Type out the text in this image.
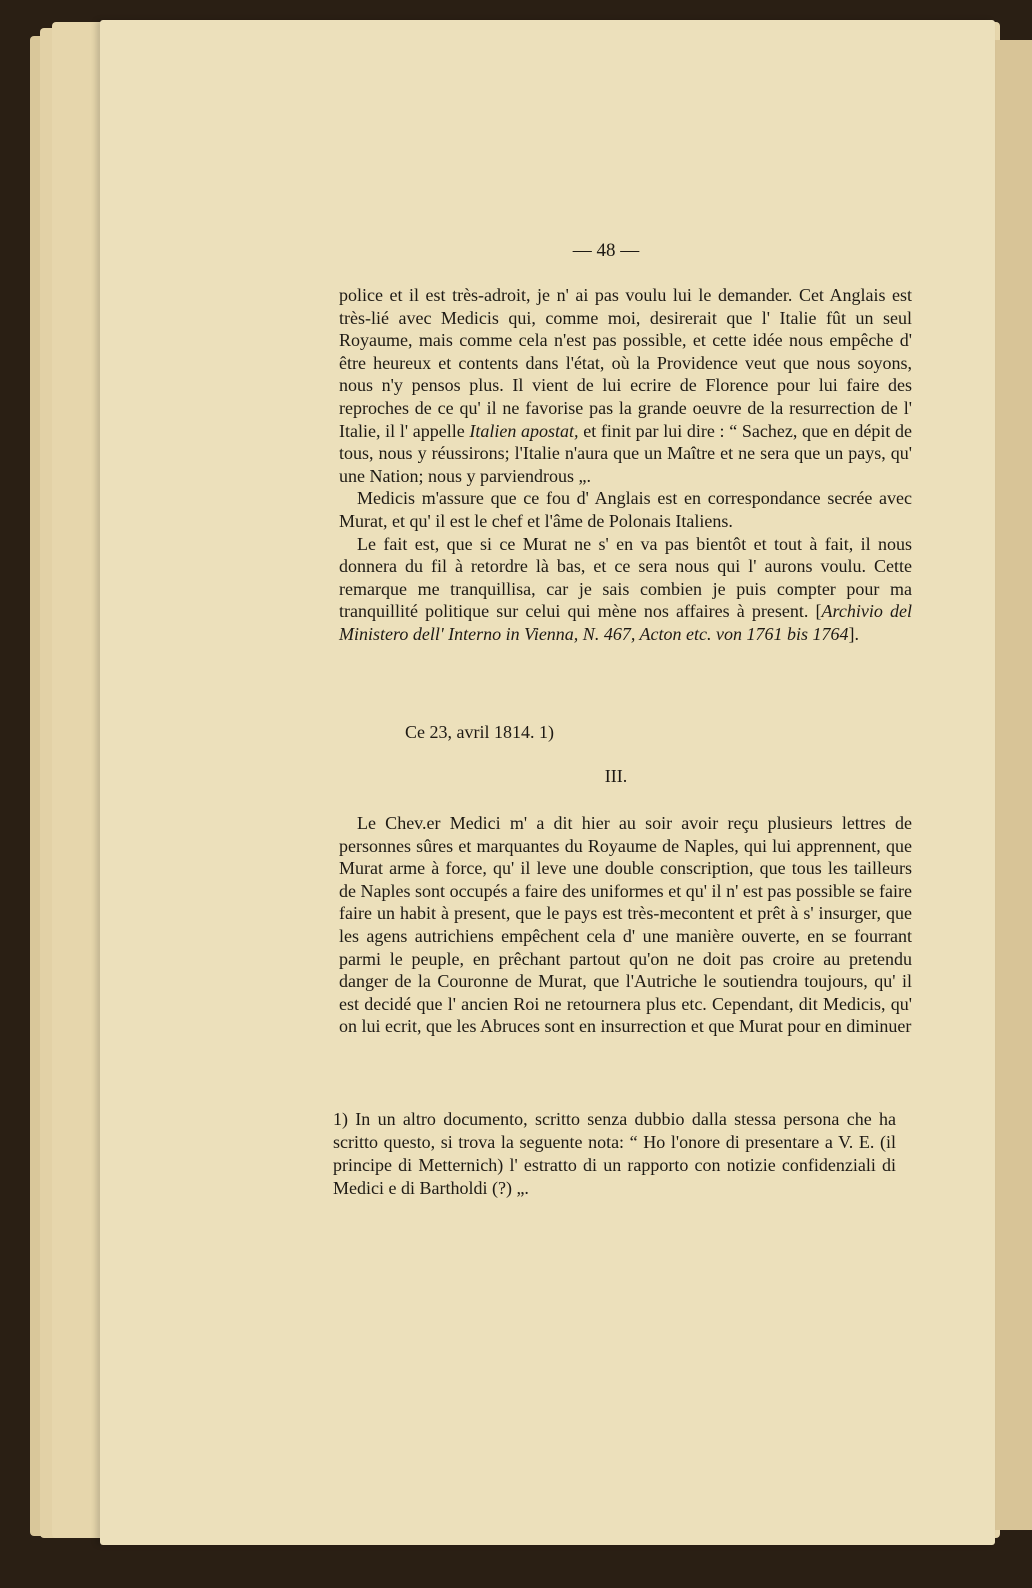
— 48 —

police et il est très-adroit, je n' ai pas voulu lui le demander. Cet Anglais est très-lié avec Medicis qui, comme moi, desirerait que l' Italie fût un seul Royaume, mais comme cela n'est pas possible, et cette idée nous empêche d' être heureux et contents dans l'état, où la Providence veut que nous soyons, nous n'y pensos plus. Il vient de lui ecrire de Florence pour lui faire des reproches de ce qu' il ne favorise pas la grande oeuvre de la resurrection de l' Italie, il l' appelle Italien apostat, et finit par lui dire : “ Sachez, que en dépit de tous, nous y réussirons; l'Italie n'aura que un Maître et ne sera que un pays, qu' une Nation; nous y parviendrous „.

Medicis m'assure que ce fou d' Anglais est en correspondance secrée avec Murat, et qu' il est le chef et l'âme de Polonais Italiens.

Le fait est, que si ce Murat ne s' en va pas bientôt et tout à fait, il nous donnera du fil à retordre là bas, et ce sera nous qui l' aurons voulu. Cette remarque me tranquillisa, car je sais combien je puis compter pour ma tranquillité politique sur celui qui mène nos affaires à present. [Archivio del Ministero dell' Interno in Vienna, N. 467, Acton etc. von 1761 bis 1764].

Ce 23, avril 1814. 1)
III.

Le Chev.er Medici m' a dit hier au soir avoir reçu plusieurs lettres de personnes sûres et marquantes du Royaume de Naples, qui lui apprennent, que Murat arme à force, qu' il leve une double conscription, que tous les tailleurs de Naples sont occupés a faire des uniformes et qu' il n' est pas possible se faire faire un habit à present, que le pays est très-mecontent et prêt à s' insurger, que les agens autrichiens empêchent cela d' une manière ouverte, en se fourrant parmi le peuple, en prêchant partout qu'on ne doit pas croire au pretendu danger de la Couronne de Murat, que l'Autriche le soutiendra toujours, qu' il est decidé que l' ancien Roi ne retournera plus etc. Cependant, dit Medicis, qu' on lui ecrit, que les Abruces sont en insurrection et que Murat pour en diminuer

1) In un altro documento, scritto senza dubbio dalla stessa persona che ha scritto questo, si trova la seguente nota: “ Ho l'onore di presentare a V. E. (il principe di Metternich) l' estratto di un rapporto con notizie confidenziali di Medici e di Bartholdi (?) „.
